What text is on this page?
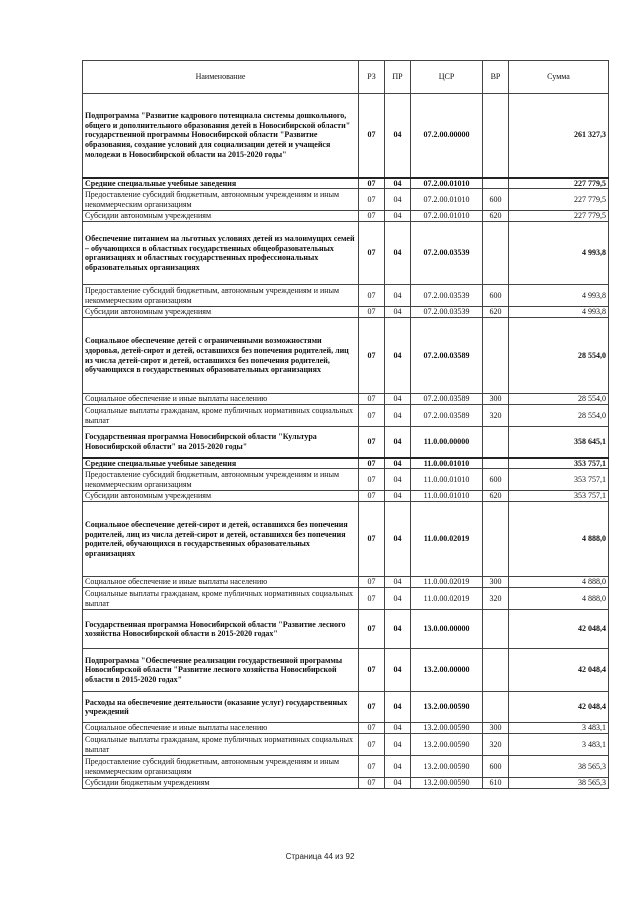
Наименование	РЗ	ПР	ЦСР	ВР	Сумма
Подпрограмма "Развитие кадрового потенциала системы дошкольного, общего и дополнительного образования детей в Новосибирской области" государственной программы Новосибирской области "Развитие образования, создание условий для социализации детей и учащейся молодежи в Новосибирской области на 2015-2020 годы"	07	04	07.2.00.00000		261 327,3
Средние специальные учебные заведения	07	04	07.2.00.01010		227 779,5
Предоставление субсидий бюджетным, автономным учреждениям и иным некоммерческим организациям	07	04	07.2.00.01010	600	227 779,5
Субсидии автономным учреждениям	07	04	07.2.00.01010	620	227 779,5
Обеспечение питанием на льготных условиях детей из малоимущих семей – обучающихся в областных государственных общеобразовательных организациях и областных государственных профессиональных образовательных организациях	07	04	07.2.00.03539		4 993,8
Предоставление субсидий бюджетным, автономным учреждениям и иным некоммерческим организациям	07	04	07.2.00.03539	600	4 993,8
Субсидии автономным учреждениям	07	04	07.2.00.03539	620	4 993,8
Социальное обеспечение детей с ограниченными возможностями здоровья, детей-сирот и детей, оставшихся без попечения родителей, лиц из числа детей-сирот и детей, оставшихся без попечения родителей, обучающихся в государственных образовательных организациях	07	04	07.2.00.03589		28 554,0
Социальное обеспечение и иные выплаты населению	07	04	07.2.00.03589	300	28 554,0
Социальные выплаты гражданам, кроме публичных нормативных социальных выплат	07	04	07.2.00.03589	320	28 554,0
Государственная программа Новосибирской области "Культура Новосибирской области" на 2015-2020 годы"	07	04	11.0.00.00000		358 645,1
Средние специальные учебные заведения	07	04	11.0.00.01010		353 757,1
Предоставление субсидий бюджетным, автономным учреждениям и иным некоммерческим организациям	07	04	11.0.00.01010	600	353 757,1
Субсидии автономным учреждениям	07	04	11.0.00.01010	620	353 757,1
Социальное обеспечение детей-сирот и детей, оставшихся без попечения родителей, лиц из числа детей-сирот и детей, оставшихся без попечения родителей, обучающихся в государственных образовательных организациях	07	04	11.0.00.02019		4 888,0
Социальное обеспечение и иные выплаты населению	07	04	11.0.00.02019	300	4 888,0
Социальные выплаты гражданам, кроме публичных нормативных социальных выплат	07	04	11.0.00.02019	320	4 888,0
Государственная программа Новосибирской области "Развитие лесного хозяйства Новосибирской области в 2015-2020 годах"	07	04	13.0.00.00000		42 048,4
Подпрограмма "Обеспечение реализации государственной программы Новосибирской области "Развитие лесного хозяйства Новосибирской области в 2015-2020 годах"	07	04	13.2.00.00000		42 048,4
Расходы на обеспечение деятельности (оказание услуг) государственных учреждений	07	04	13.2.00.00590		42 048,4
Социальное обеспечение и иные выплаты населению	07	04	13.2.00.00590	300	3 483,1
Социальные выплаты гражданам, кроме публичных нормативных социальных выплат	07	04	13.2.00.00590	320	3 483,1
Предоставление субсидий бюджетным, автономным учреждениям и иным некоммерческим организациям	07	04	13.2.00.00590	600	38 565,3
Субсидии бюджетным учреждениям	07	04	13.2.00.00590	610	38 565,3
Страница 44 из 92
